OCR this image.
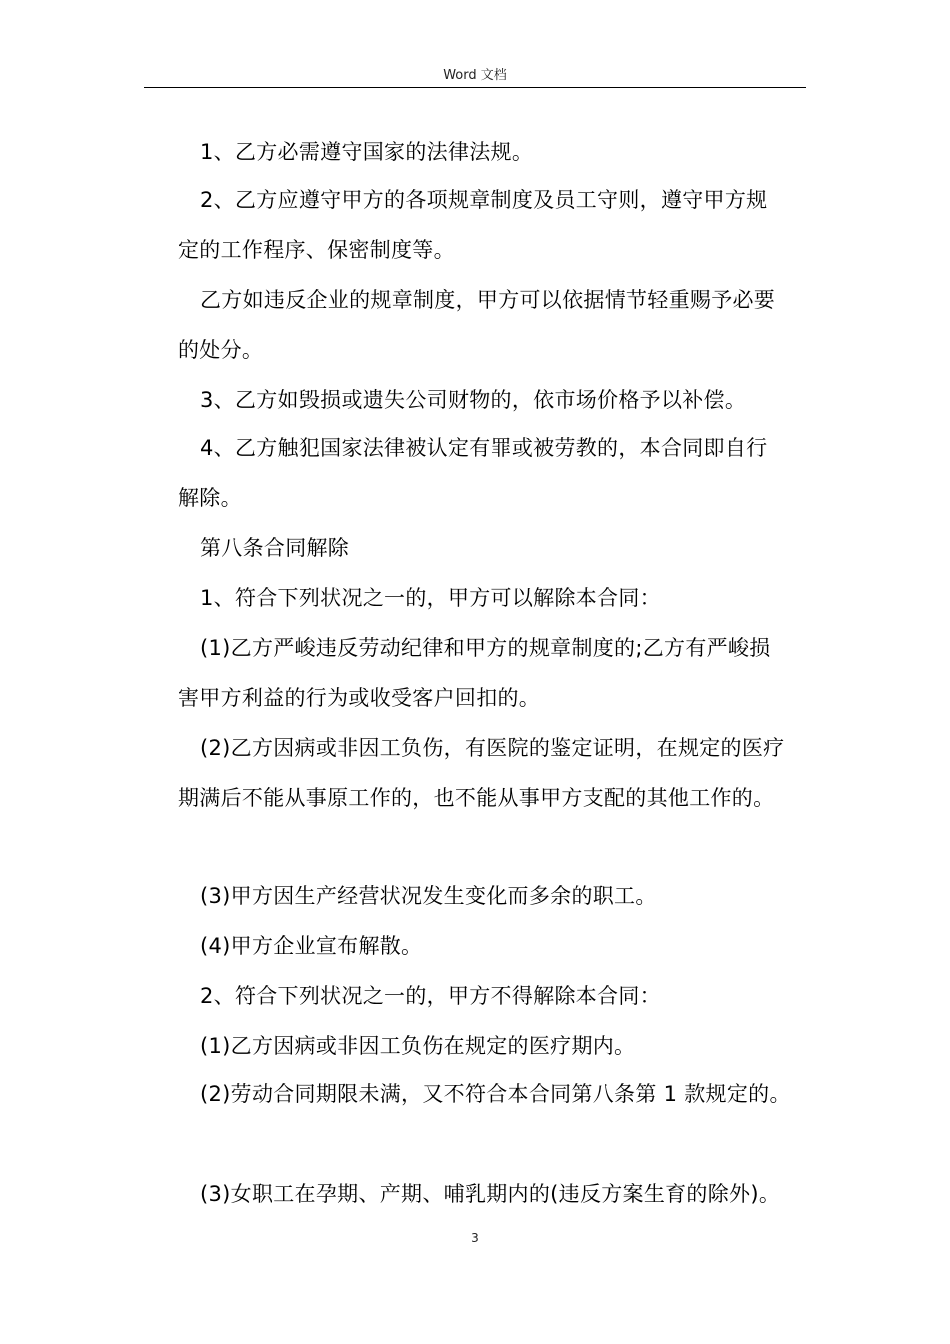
Word 文档
1、乙方必需遵守国家的法律法规。
2、乙方应遵守甲方的各项规章制度及员工守则，遵守甲方规
定的工作程序、保密制度等。
乙方如违反企业的规章制度，甲方可以依据情节轻重赐予必要
的处分。
3、乙方如毁损或遗失公司财物的，依市场价格予以补偿。
4、乙方触犯国家法律被认定有罪或被劳教的，本合同即自行
解除。
第八条合同解除
1、符合下列状况之一的，甲方可以解除本合同：
(1)乙方严峻违反劳动纪律和甲方的规章制度的;乙方有严峻损
害甲方利益的行为或收受客户回扣的。
(2)乙方因病或非因工负伤，有医院的鉴定证明，在规定的医疗
期满后不能从事原工作的，也不能从事甲方支配的其他工作的。
(3)甲方因生产经营状况发生变化而多余的职工。
(4)甲方企业宣布解散。
2、符合下列状况之一的，甲方不得解除本合同：
(1)乙方因病或非因工负伤在规定的医疗期内。
(2)劳动合同期限未满，又不符合本合同第八条第 1 款规定的。
(3)女职工在孕期、产期、哺乳期内的(违反方案生育的除外)。
3
